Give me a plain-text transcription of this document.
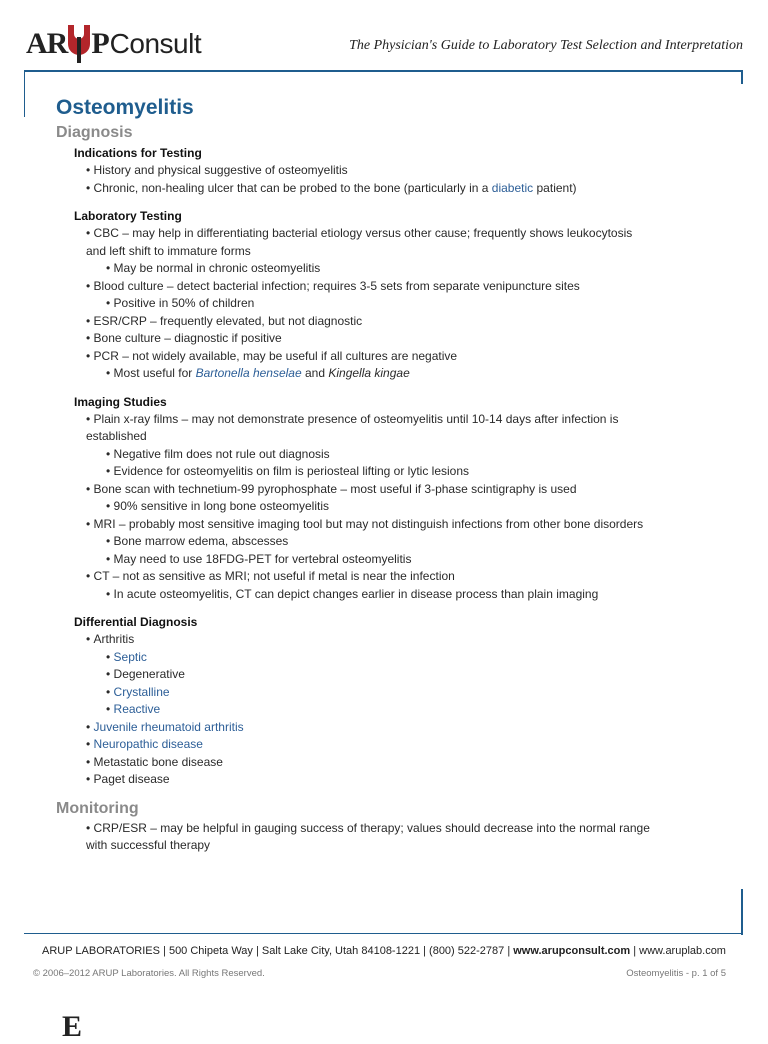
AR P Consult	The Physician's Guide to Laboratory Test Selection and Interpretation
Osteomyelitis
Diagnosis
Indications for Testing
• History and physical suggestive of osteomyelitis
• Chronic, non-healing ulcer that can be probed to the bone (particularly in a diabetic patient)
Laboratory Testing
• CBC – may help in differentiating bacterial etiology versus other cause; frequently shows leukocytosis
and left shift to immature forms
• May be normal in chronic osteomyelitis
• Blood culture – detect bacterial infection; requires 3-5 sets from separate venipuncture sites
• Positive in 50% of children
• ESR/CRP – frequently elevated, but not diagnostic
• Bone culture – diagnostic if positive
• PCR – not widely available, may be useful if all cultures are negative
• Most useful for Bartonella henselae and Kingella kingae
Imaging Studies
• Plain x-ray films – may not demonstrate presence of osteomyelitis until 10-14 days after infection is
established
• Negative film does not rule out diagnosis
• Evidence for osteomyelitis on film is periosteal lifting or lytic lesions
• Bone scan with technetium-99 pyrophosphate – most useful if 3-phase scintigraphy is used
• 90% sensitive in long bone osteomyelitis
• MRI – probably most sensitive imaging tool but may not distinguish infections from other bone disorders
• Bone marrow edema, abscesses
• May need to use 18FDG-PET for vertebral osteomyelitis
• CT – not as sensitive as MRI; not useful if metal is near the infection
• In acute osteomyelitis, CT can depict changes earlier in disease process than plain imaging
Differential Diagnosis
• Arthritis
• Septic
• Degenerative
• Crystalline
• Reactive
• Juvenile rheumatoid arthritis
• Neuropathic disease
• Metastatic bone disease
• Paget disease
Monitoring
• CRP/ESR – may be helpful in gauging success of therapy; values should decrease into the normal range
with successful therapy
ARUP LABORATORIES | 500 Chipeta Way | Salt Lake City, Utah 84108-1221 | (800) 522-2787 | www.arupconsult.com | www.aruplab.com
© 2006–2012 ARUP Laboratories. All Rights Reserved.	Osteomyelitis - p. 1 of 5
E
